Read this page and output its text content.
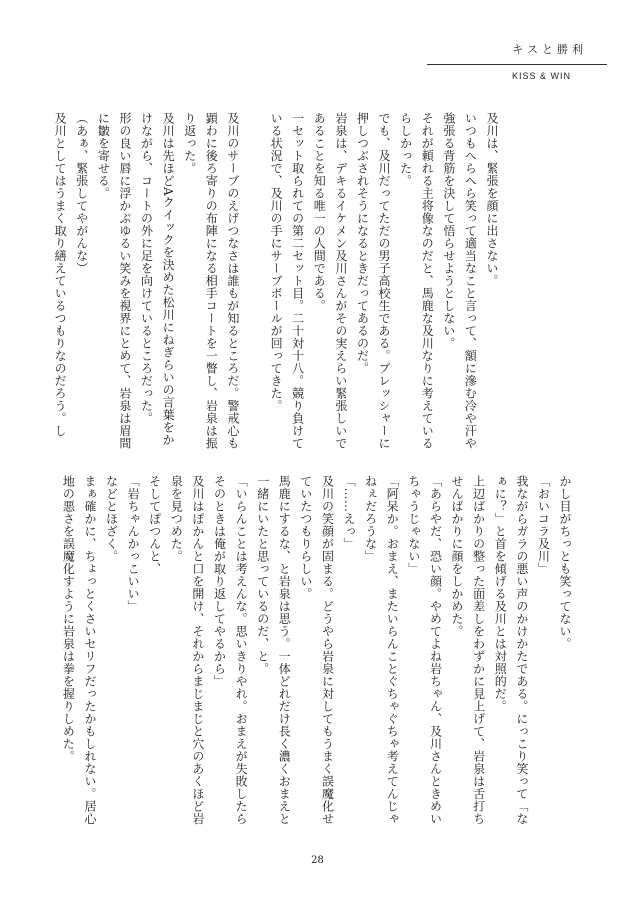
キスと勝利
KISS & WIN

及川は、緊張を顔に出さない。

いつもへらへら笑って適当なこと言って、額に滲む冷や汗や強張る背筋を決して悟らせようとしない。

それが頼れる主将像なのだと、馬鹿な及川なりに考えているらしかった。

でも、及川だってただの男子高校生である。プレッシャーに押しつぶされそうになるときだってあるのだ。

岩泉は、デキるイケメン及川さんがその実えらい緊張しいであることを知る唯一の人間である。

一セット取られての第二セット目。二十対十八。競り負けている状況で、及川の手にサーブボールが回ってきた。

及川のサーブのえげつなさは誰もが知るところだ。警戒心も顕わに後ろ寄りの布陣になる相手コートを一瞥し、岩泉は振り返った。

及川は先ほどAクイックを決めた松川にねぎらいの言葉をかけながら、コートの外に足を向けているところだった。

形の良い唇に浮かぶゆるい笑みを視界にとめて、岩泉は眉間に皺を寄せる。

（あぁ、緊張してやがんな）

及川としてはうまく取り繕えているつもりなのだろう。し

かし目がちっとも笑ってない。

「おいコラ及川」

我ながらガラの悪い声のかけかたである。にっこり笑って「なぁに？」と首を傾げる及川とは対照的だ。

上辺ばかりの整った面差しをわずかに見上げて、岩泉は舌打ちせんばかりに顔をしかめた。

「あらやだ、恐い顔。やめてよね岩ちゃん、及川さんときめいちゃうじゃない」

「阿呆か。おまえ、またいらんことぐちゃぐちゃ考えてんじゃねぇだろうな」

「……えっ」

及川の笑顔が固まる。どうやら岩泉に対してもうまく誤魔化せていたつもりらしい。

馬鹿にするな、と岩泉は思う。一体どれだけ長く濃くおまえと一緒にいたと思っているのだ、と。

「いらんことは考えんな。思いきりやれ。おまえが失敗したらそのときは俺が取り返してやるから」

及川はぽかんと口を開け、それからまじまじと穴のあくほど岩泉を見つめた。

そしてぽつんと、

「岩ちゃんかっこいい」

などとほざく。

まぁ確かに、ちょっとくさいセリフだったかもしれない。居心地の悪さを誤魔化すように岩泉は拳を握りしめた。

28
